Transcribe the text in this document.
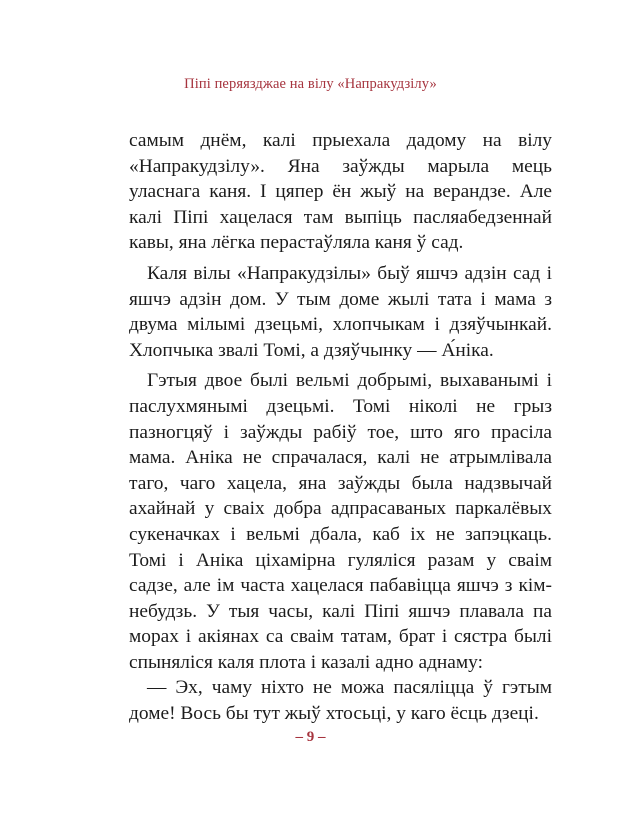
Піпі перяязджае на вілу «Напракудзілу»

самым днём, калі прыехала дадому на вілу «Напракудзілу». Яна заўжды марыла мець уласнага каня. І цяпер ён жыў на верандзе. Але калі Піпі хацелася там выпіць пасляабедзеннай кавы, яна лёгка перастаўляла каня ў сад.

Каля вілы «Напракудзілы» быў яшчэ адзін сад і яшчэ адзін дом. У тым доме жылі тата і мама з двума мілымі дзецьмі, хлопчыкам і дзяўчынкай. Хлопчыка звалі Томі, а дзяўчынку — А́ніка.

Гэтыя двое былі вельмі добрымі, выхаванымі і паслухмянымі дзецьмі. Томі ніколі не грыз пазногцяў і заўжды рабіў тое, што яго прасіла мама. Аніка не спрачалася, калі не атрымлівала таго, чаго хацела, яна заўжды была надзвычай ахайнай у сваіх добра адпрасаваных паркалёвых сукеначках і вельмі дбала, каб іх не запэцкаць. Томі і Аніка ціхамірна гуляліся разам у сваім садзе, але ім часта хацелася пабавіцца яшчэ з кім-небудзь. У тыя часы, калі Піпі яшчэ плавала па морах і акіянах са сваім татам, брат і сястра былі спыняліся каля плота і казалі адно аднаму:

— Эх, чаму ніхто не можа пасяліцца ў гэтым доме! Вось бы тут жыў хтосьці, у каго ёсць дзеці.

– 9 –
